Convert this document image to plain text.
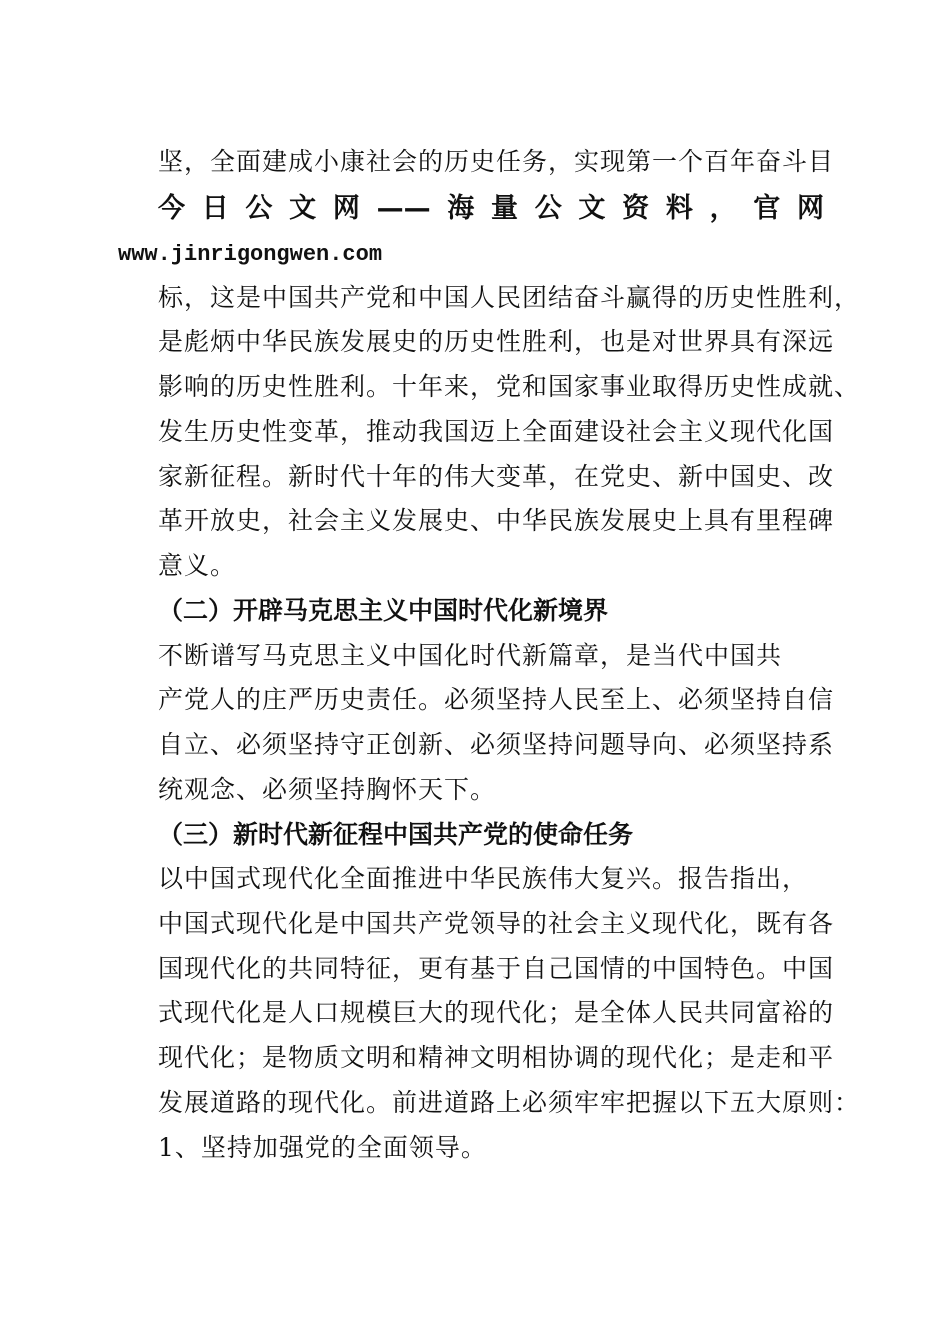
坚，全面建成小康社会的历史任务，实现第一个百年奋斗目
今日公文网——海量公文资料，官网
www.jinrigongwen.com
标，这是中国共产党和中国人民团结奋斗赢得的历史性胜利，
是彪炳中华民族发展史的历史性胜利，也是对世界具有深远
影响的历史性胜利。十年来，党和国家事业取得历史性成就、
发生历史性变革，推动我国迈上全面建设社会主义现代化国
家新征程。新时代十年的伟大变革，在党史、新中国史、改
革开放史，社会主义发展史、中华民族发展史上具有里程碑
意义。
（二）开辟马克思主义中国时代化新境界
不断谱写马克思主义中国化时代新篇章，是当代中国共
产党人的庄严历史责任。必须坚持人民至上、必须坚持自信
自立、必须坚持守正创新、必须坚持问题导向、必须坚持系
统观念、必须坚持胸怀天下。
（三）新时代新征程中国共产党的使命任务
以中国式现代化全面推进中华民族伟大复兴。报告指出，
中国式现代化是中国共产党领导的社会主义现代化，既有各
国现代化的共同特征，更有基于自己国情的中国特色。中国
式现代化是人口规模巨大的现代化；是全体人民共同富裕的
现代化；是物质文明和精神文明相协调的现代化；是走和平
发展道路的现代化。前进道路上必须牢牢把握以下五大原则：
1、坚持加强党的全面领导。
